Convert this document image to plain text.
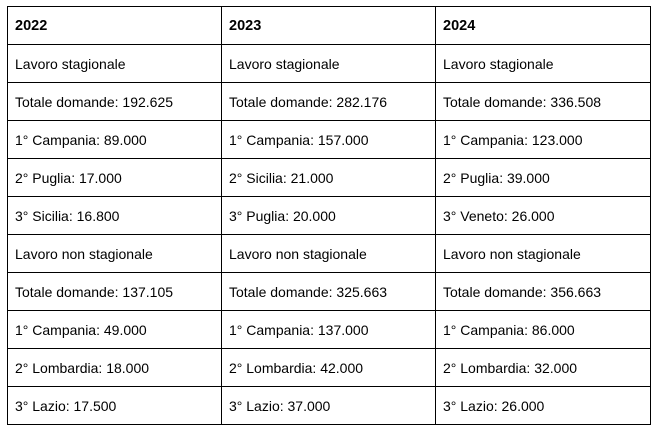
2022	2023	2024
Lavoro stagionale	Lavoro stagionale	Lavoro stagionale
Totale domande: 192.625	Totale domande: 282.176	Totale domande: 336.508
1° Campania: 89.000	1° Campania: 157.000	1° Campania: 123.000
2° Puglia: 17.000	2° Sicilia: 21.000	2° Puglia: 39.000
3° Sicilia: 16.800	3° Puglia: 20.000	3° Veneto: 26.000
Lavoro non stagionale	Lavoro non stagionale	Lavoro non stagionale
Totale domande: 137.105	Totale domande: 325.663	Totale domande: 356.663
1° Campania: 49.000	1° Campania: 137.000	1° Campania: 86.000
2° Lombardia: 18.000	2° Lombardia: 42.000	2° Lombardia: 32.000
3° Lazio: 17.500	3° Lazio: 37.000	3° Lazio: 26.000
